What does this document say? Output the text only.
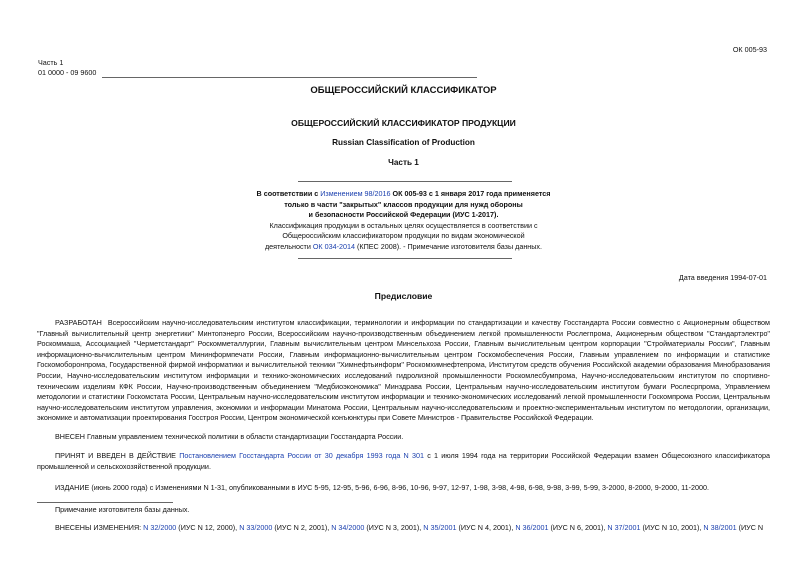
ОК 005-93
Часть 1
01 0000 - 09 9600
ОБЩЕРОССИЙСКИЙ КЛАССИФИКАТОР
ОБЩЕРОССИЙСКИЙ КЛАССИФИКАТОР ПРОДУКЦИИ
Russian Classification of Production
Часть 1
В соответствии с Изменением 98/2016 ОК 005-93 с 1 января 2017 года применяется
только в части "закрытых" классов продукции для нужд обороны
и безопасности Российской Федерации (ИУС 1-2017).
Классификация продукции в остальных целях осуществляется в соответствии с
Общероссийским классификатором продукции по видам экономической
деятельности ОК 034-2014 (КПЕС 2008). - Примечание изготовителя базы данных.
Дата введения 1994-07-01
Предисловие
РАЗРАБОТАН Всероссийским научно-исследовательским институтом классификации, терминологии и информации по стандартизации и качеству Госстандарта России совместно с Акционерным обществом "Главный вычислительный центр энергетики" Минтопэнерго России, Всероссийским научно-производственным объединением легкой промышленности Рослегпрома, Акционерным обществом "Стандартэлектро" Роскоммаша, Ассоциацией "Черметстандарт" Роскомметаллургии, Главным вычислительным центром Минсельхоза России, Главным вычислительным центром корпорации "Стройматериалы России", Главным информационно-вычислительным центром Мининформпечати России, Главным информационно-вычислительным центром Госкомобеспечения России, Главным управлением по информации и статистике Госкомоборонпрома, Государственной фирмой информатики и вычислительной техники "Химнефтьинформ" Роскомхимнефтепрома, Институтом средств обучения Российской академии образования Минобразования России, Научно-исследовательским институтом информации и технико-экономических исследований гидролизной промышленности Роскомлесбумпрома, Научно-исследовательским институтом по спортивно-техническим изделиям КФК России, Научно-производственным объединением "Медбиоэкономика" Минздрава России, Центральным научно-исследовательским институтом бумаги Рослесрпрома, Управлением методологии и статистики Госкомстата России, Центральным научно-исследовательским институтом информации и технико-экономических исследований легкой промышленности Госкомпрома России, Центральным научно-исследовательским институтом управления, экономики и информации Минатома России, Центральным научно-исследовательским и проектно-экспериментальным институтом по методологии, организации, экономике и автоматизации проектирования Госстроя России, Центром экономической конъюнктуры при Совете Министров - Правительстве Российской Федерации.
ВНЕСЕН Главным управлением технической политики в области стандартизации Госстандарта России.
ПРИНЯТ И ВВЕДЕН В ДЕЙСТВИЕ Постановлением Госстандарта России от 30 декабря 1993 года N 301 с 1 июля 1994 года на территории Российской Федерации взамен Общесоюзного классификатора промышленной и сельскохозяйственной продукции.
ИЗДАНИЕ (июнь 2000 года) с Изменениями N 1-31, опубликованными в ИУС 5-95, 12-95, 5-96, 6-96, 8-96, 10-96, 9-97, 12-97, 1-98, 3-98, 4-98, 6-98, 9-98, 3-99, 5-99, 3-2000, 8-2000, 9-2000, 11-2000.
Примечание изготовителя базы данных.
ВНЕСЕНЫ ИЗМЕНЕНИЯ: N 32/2000 (ИУС N 12, 2000), N 33/2000 (ИУС N 2, 2001), N 34/2000 (ИУС N 3, 2001), N 35/2001 (ИУС N 4, 2001), N 36/2001 (ИУС N 6, 2001), N 37/2001 (ИУС N 10, 2001), N 38/2001 (ИУС N
